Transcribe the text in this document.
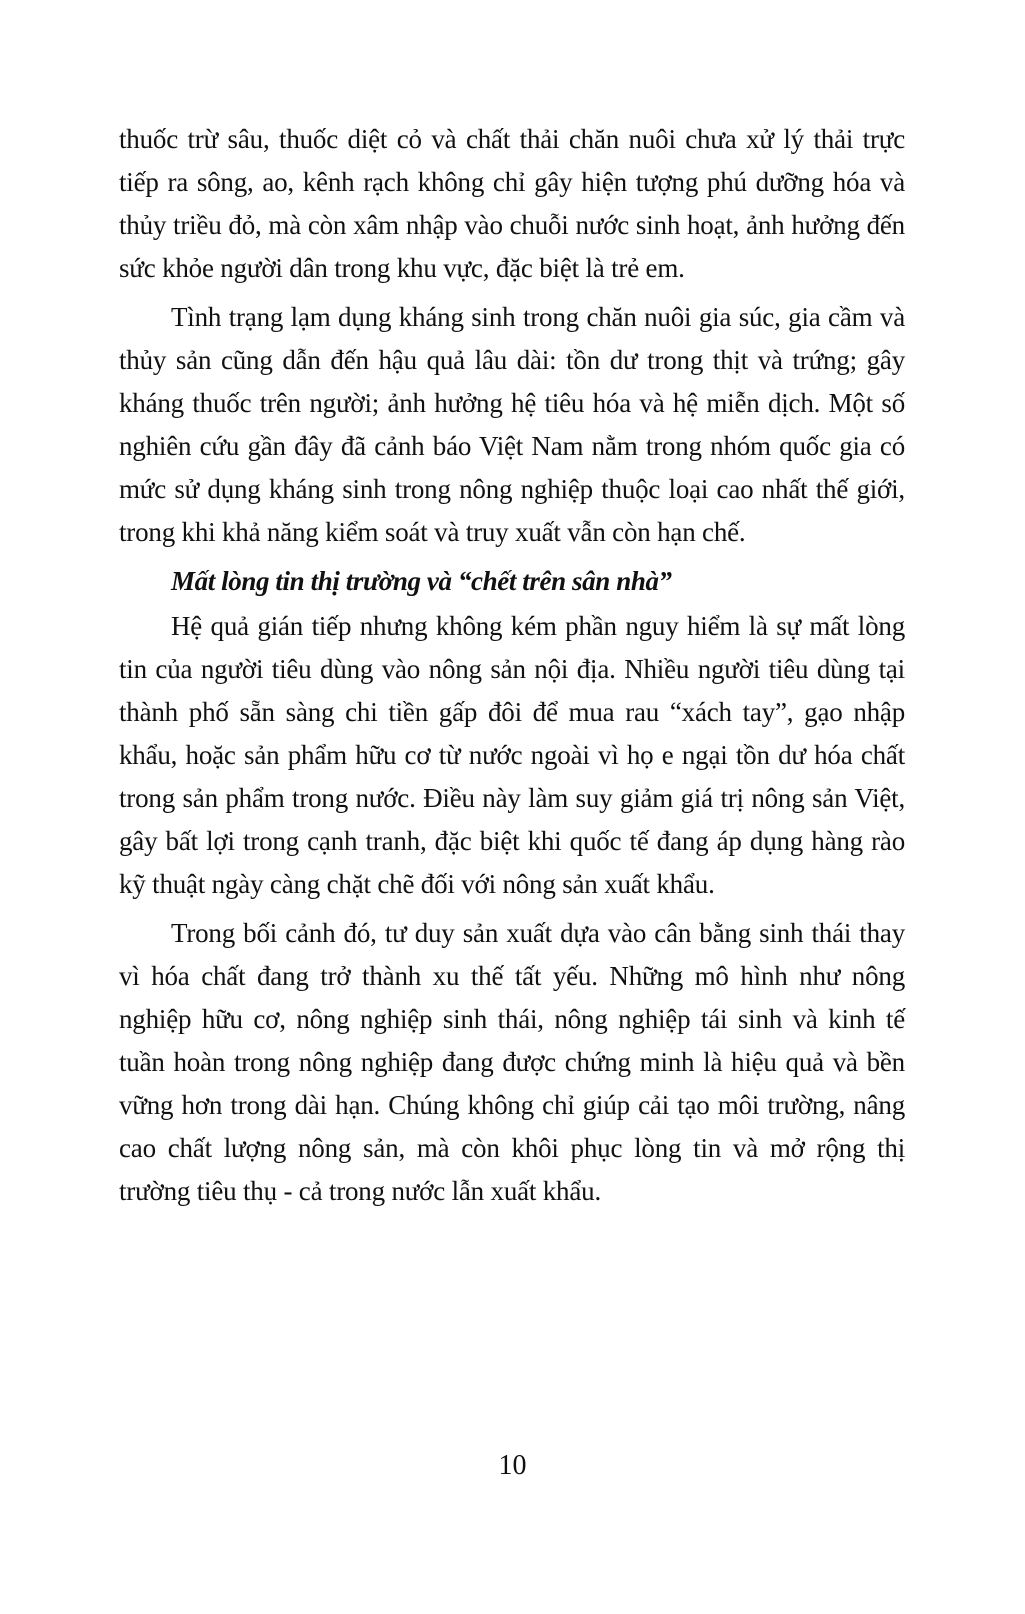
thuốc trừ sâu, thuốc diệt cỏ và chất thải chăn nuôi chưa xử lý thải trực tiếp ra sông, ao, kênh rạch không chỉ gây hiện tượng phú dưỡng hóa và thủy triều đỏ, mà còn xâm nhập vào chuỗi nước sinh hoạt, ảnh hưởng đến sức khỏe người dân trong khu vực, đặc biệt là trẻ em.

Tình trạng lạm dụng kháng sinh trong chăn nuôi gia súc, gia cầm và thủy sản cũng dẫn đến hậu quả lâu dài: tồn dư trong thịt và trứng; gây kháng thuốc trên người; ảnh hưởng hệ tiêu hóa và hệ miễn dịch. Một số nghiên cứu gần đây đã cảnh báo Việt Nam nằm trong nhóm quốc gia có mức sử dụng kháng sinh trong nông nghiệp thuộc loại cao nhất thế giới, trong khi khả năng kiểm soát và truy xuất vẫn còn hạn chế.

Mất lòng tin thị trường và “chết trên sân nhà”

Hệ quả gián tiếp nhưng không kém phần nguy hiểm là sự mất lòng tin của người tiêu dùng vào nông sản nội địa. Nhiều người tiêu dùng tại thành phố sẵn sàng chi tiền gấp đôi để mua rau “xách tay”, gạo nhập khẩu, hoặc sản phẩm hữu cơ từ nước ngoài vì họ e ngại tồn dư hóa chất trong sản phẩm trong nước. Điều này làm suy giảm giá trị nông sản Việt, gây bất lợi trong cạnh tranh, đặc biệt khi quốc tế đang áp dụng hàng rào kỹ thuật ngày càng chặt chẽ đối với nông sản xuất khẩu.

Trong bối cảnh đó, tư duy sản xuất dựa vào cân bằng sinh thái thay vì hóa chất đang trở thành xu thế tất yếu. Những mô hình như nông nghiệp hữu cơ, nông nghiệp sinh thái, nông nghiệp tái sinh và kinh tế tuần hoàn trong nông nghiệp đang được chứng minh là hiệu quả và bền vững hơn trong dài hạn. Chúng không chỉ giúp cải tạo môi trường, nâng cao chất lượng nông sản, mà còn khôi phục lòng tin và mở rộng thị trường tiêu thụ - cả trong nước lẫn xuất khẩu.

10
